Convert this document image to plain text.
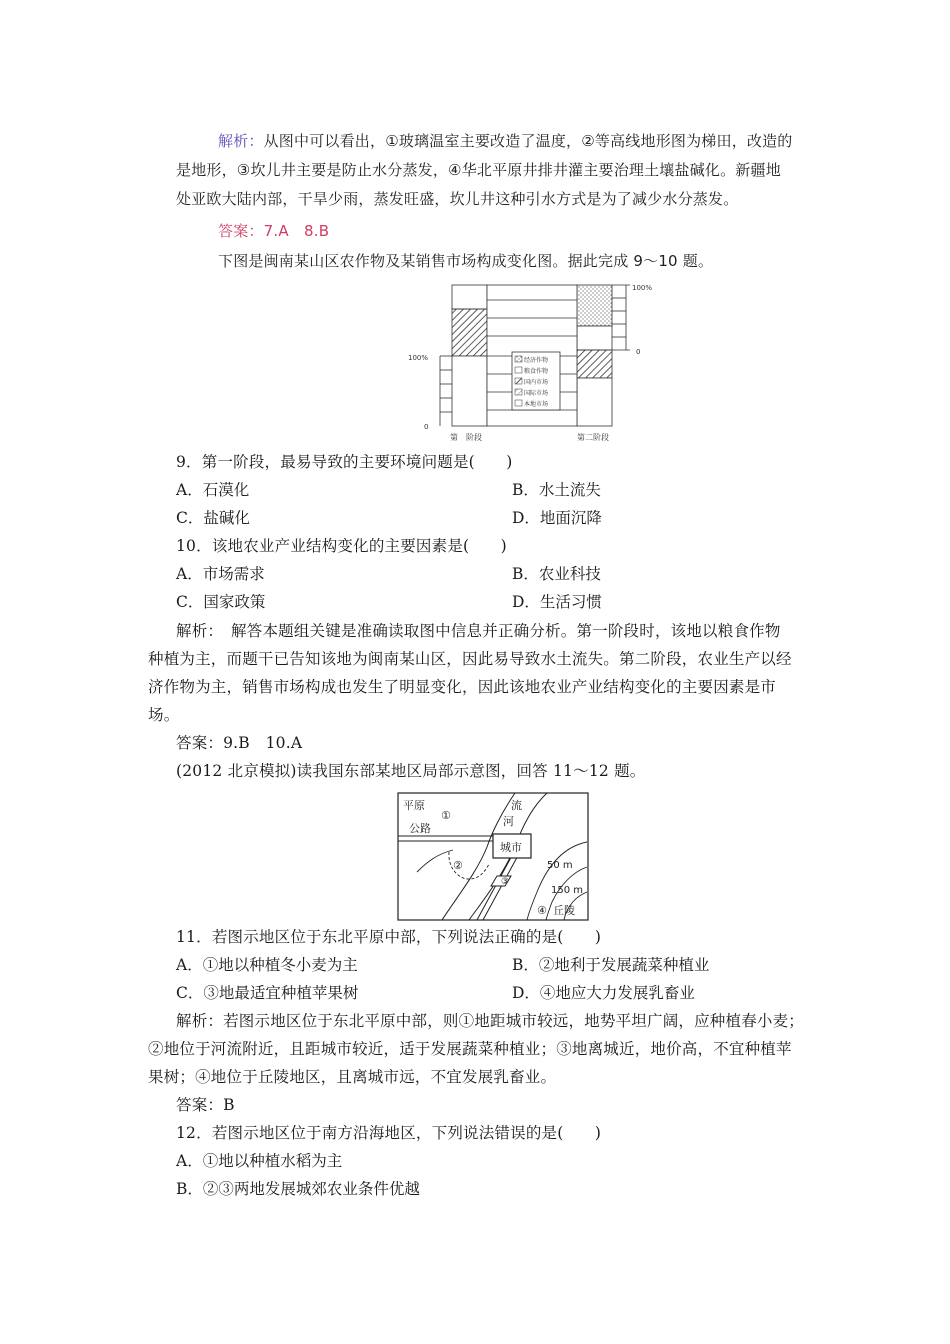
解析：从图中可以看出，①玻璃温室主要改造了温度，②等高线地形图为梯田，改造的
是地形，③坎儿井主要是防止水分蒸发，④华北平原井排井灌主要治理土壤盐碱化。新疆地
处亚欧大陆内部，干旱少雨，蒸发旺盛，坎儿井这种引水方式是为了减少水分蒸发。
答案：7.A　8.B
下图是闽南某山区农作物及某销售市场构成变化图。据此完成 9～10 题。
100%
0
100%
0
经济作物
粮食作物
国内市场
国际市场
本地市场
第　阶段	第二阶段
9．第一阶段，最易导致的主要环境问题是(　　)
A．石漠化	B．水土流失
C．盐碱化	D．地面沉降
10．该地农业产业结构变化的主要因素是(　　)
A．市场需求	B．农业科技
C．国家政策	D．生活习惯
解析：　解答本题组关键是准确读取图中信息并正确分析。第一阶段时，该地以粮食作物
种植为主，而题干已告知该地为闽南某山区，因此易导致水土流失。第二阶段，农业生产以经
济作物为主，销售市场构成也发生了明显变化，因此该地农业产业结构变化的主要因素是市
场。
答案：9.B　10.A
(2012 北京模拟)读我国东部某地区局部示意图，回答 11～12 题。
城市
平原
①
公路
流
河
②
③
50 m
150 m
④ 丘陵
11．若图示地区位于东北平原中部，下列说法正确的是(　　)
A．①地以种植冬小麦为主	B．②地利于发展蔬菜种植业
C．③地最适宜种植苹果树	D．④地应大力发展乳畜业
解析：若图示地区位于东北平原中部，则①地距城市较远，地势平坦广阔，应种植春小麦；
②地位于河流附近，且距城市较近，适于发展蔬菜种植业；③地离城近，地价高，不宜种植苹
果树；④地位于丘陵地区，且离城市远，不宜发展乳畜业。
答案：B
12．若图示地区位于南方沿海地区，下列说法错误的是(　　)
A．①地以种植水稻为主
B．②③两地发展城郊农业条件优越
